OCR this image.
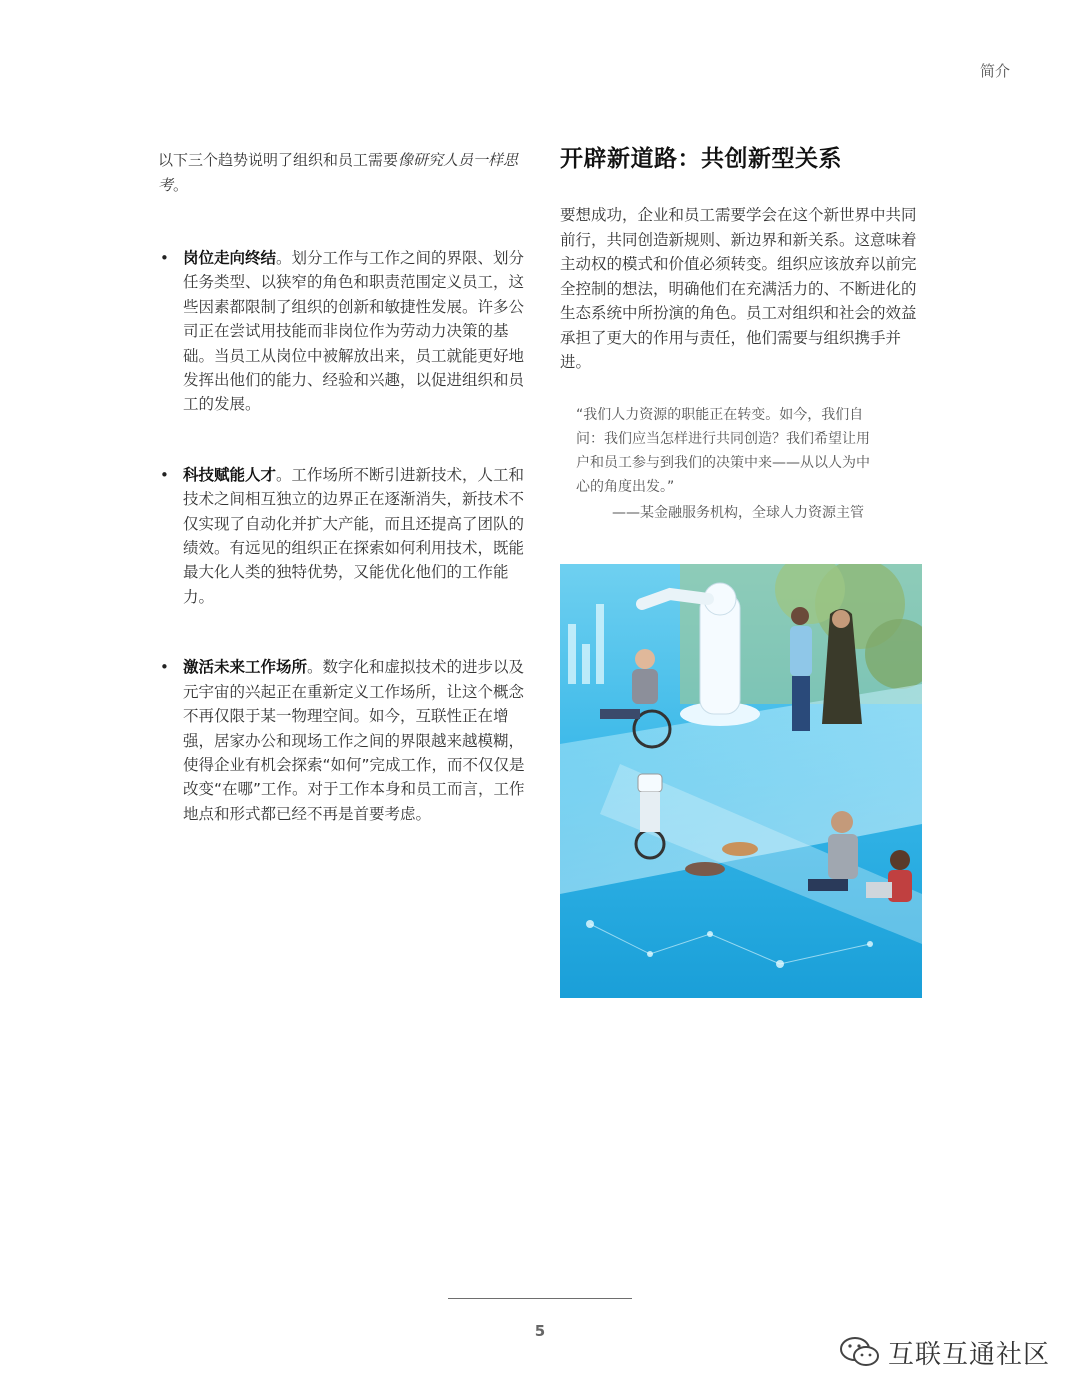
简介

以下三个趋势说明了组织和员工需要像研究人员一样思考。

• 岗位走向终结。划分工作与工作之间的界限、划分任务类型、以狭窄的角色和职责范围定义员工，这些因素都限制了组织的创新和敏捷性发展。许多公司正在尝试用技能而非岗位作为劳动力决策的基础。当员工从岗位中被解放出来，员工就能更好地发挥出他们的能力、经验和兴趣，以促进组织和员工的发展。
• 科技赋能人才。工作场所不断引进新技术，人工和技术之间相互独立的边界正在逐渐消失，新技术不仅实现了自动化并扩大产能，而且还提高了团队的绩效。有远见的组织正在探索如何利用技术，既能最大化人类的独特优势，又能优化他们的工作能力。
• 激活未来工作场所。数字化和虚拟技术的进步以及元宇宙的兴起正在重新定义工作场所，让这个概念不再仅限于某一物理空间。如今，互联性正在增强，居家办公和现场工作之间的界限越来越模糊，使得企业有机会探索“如何”完成工作，而不仅仅是改变“在哪”工作。对于工作本身和员工而言，工作地点和形式都已经不再是首要考虑。
开辟新道路：共创新型关系

要想成功，企业和员工需要学会在这个新世界中共同前行，共同创造新规则、新边界和新关系。这意味着主动权的模式和价值必须转变。组织应该放弃以前完全控制的想法，明确他们在充满活力的、不断进化的生态系统中所扮演的角色。员工对组织和社会的效益承担了更大的作用与责任，他们需要与组织携手并进。

“我们人力资源的职能正在转变。如今，我们自问：我们应当怎样进行共同创造？我们希望让用户和员工参与到我们的决策中来——从以人为中心的角度出发。”
——某金融服务机构，全球人力资源主管
5
互联互通社区
